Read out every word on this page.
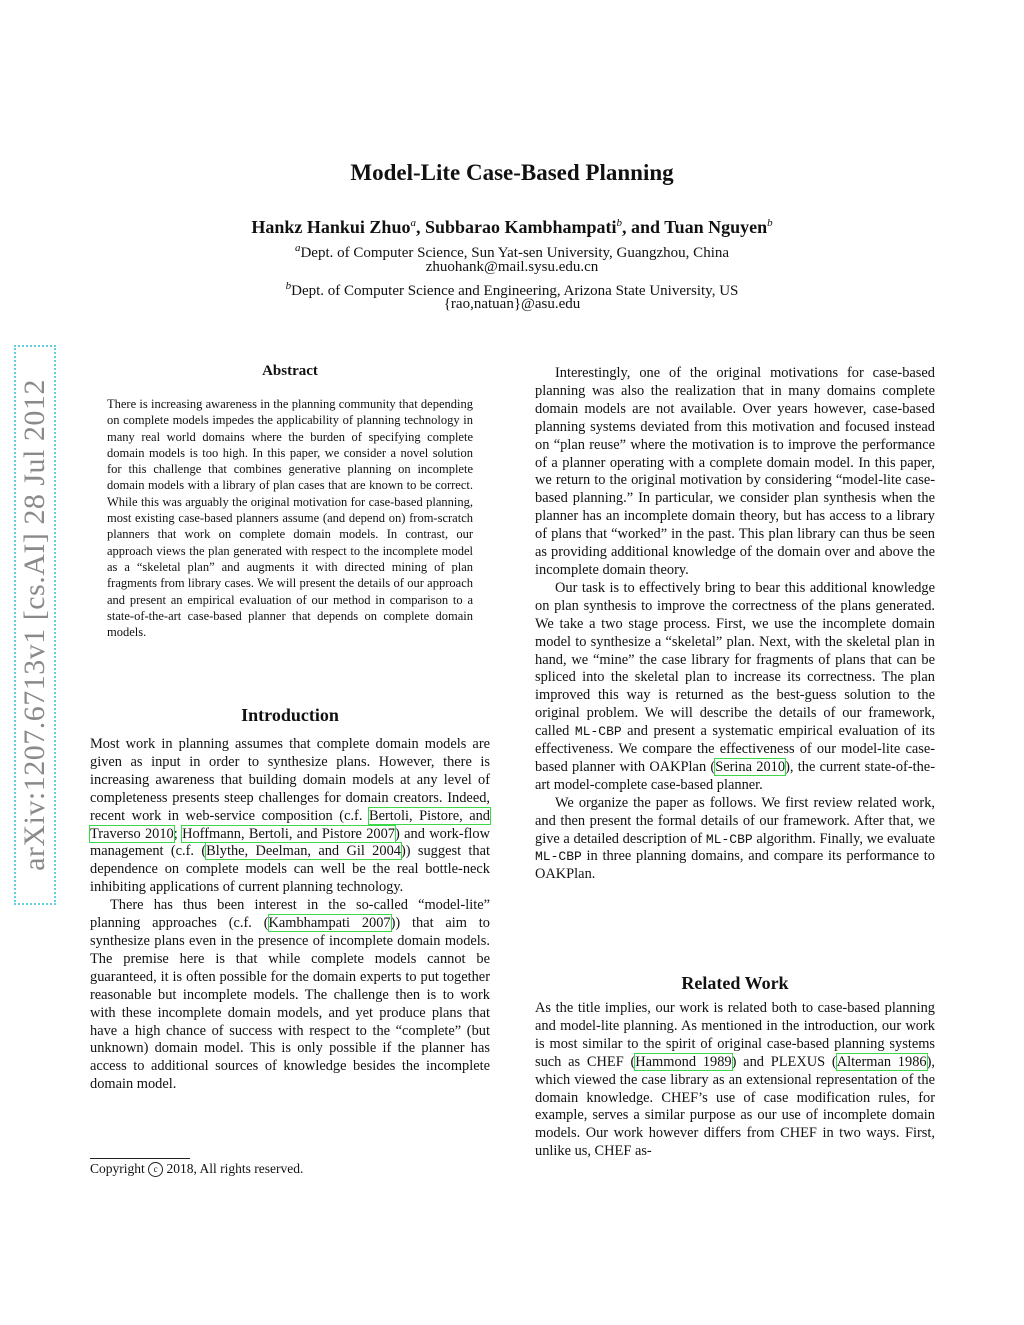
arXiv:1207.6713v1 [cs.AI] 28 Jul 2012
Model-Lite Case-Based Planning
Hankz Hankui Zhuo$^a$, Subbarao Kambhampati$^b$, and Tuan Nguyen$^b$
$^a$Dept. of Computer Science, Sun Yat-sen University, Guangzhou, China
zhuohank@mail.sysu.edu.cn
$^b$Dept. of Computer Science and Engineering, Arizona State University, US
{rao,natuan}@asu.edu
Abstract
There is increasing awareness in the planning community that depending on complete models impedes the applicability of planning technology in many real world domains where the burden of specifying complete domain models is too high. In this paper, we consider a novel solution for this challenge that combines generative planning on incomplete domain models with a library of plan cases that are known to be correct. While this was arguably the original motivation for case-based planning, most existing case-based planners assume (and depend on) from-scratch planners that work on complete domain models. In contrast, our approach views the plan generated with respect to the incomplete model as a “skeletal plan” and augments it with directed mining of plan fragments from library cases. We will present the details of our approach and present an empirical evaluation of our method in comparison to a state-of-the-art case-based planner that depends on complete domain models.
Introduction

Most work in planning assumes that complete domain models are given as input in order to synthesize plans. However, there is increasing awareness that building domain models at any level of completeness presents steep challenges for domain creators. Indeed, recent work in web-service composition (c.f. Bertoli, Pistore, and Traverso 2010; Hoffmann, Bertoli, and Pistore 2007) and work-flow management (c.f. (Blythe, Deelman, and Gil 2004)) suggest that dependence on complete models can well be the real bottle-neck inhibiting applications of current planning technology.

There has thus been interest in the so-called “model-lite” planning approaches (c.f. (Kambhampati 2007)) that aim to synthesize plans even in the presence of incomplete domain models. The premise here is that while complete models cannot be guaranteed, it is often possible for the domain experts to put together reasonable but incomplete models. The challenge then is to work with these incomplete domain models, and yet produce plans that have a high chance of success with respect to the “complete” (but unknown) domain model. This is only possible if the planner has access to additional sources of knowledge besides the incomplete domain model.

Copyright c 2018, All rights reserved.

Interestingly, one of the original motivations for case-based planning was also the realization that in many domains complete domain models are not available. Over years however, case-based planning systems deviated from this motivation and focused instead on “plan reuse” where the motivation is to improve the performance of a planner operating with a complete domain model. In this paper, we return to the original motivation by considering “model-lite case-based planning.” In particular, we consider plan synthesis when the planner has an incomplete domain theory, but has access to a library of plans that “worked” in the past. This plan library can thus be seen as providing additional knowledge of the domain over and above the incomplete domain theory.

Our task is to effectively bring to bear this additional knowledge on plan synthesis to improve the correctness of the plans generated. We take a two stage process. First, we use the incomplete domain model to synthesize a “skeletal” plan. Next, with the skeletal plan in hand, we “mine” the case library for fragments of plans that can be spliced into the skeletal plan to increase its correctness. The plan improved this way is returned as the best-guess solution to the original problem. We will describe the details of our framework, called ML-CBP and present a systematic empirical evaluation of its effectiveness. We compare the effectiveness of our model-lite case-based planner with OAKPlan (Serina 2010), the current state-of-the-art model-complete case-based planner.

We organize the paper as follows. We first review related work, and then present the formal details of our framework. After that, we give a detailed description of ML-CBP algorithm. Finally, we evaluate ML-CBP in three planning domains, and compare its performance to OAKPlan.

Related Work

As the title implies, our work is related both to case-based planning and model-lite planning. As mentioned in the introduction, our work is most similar to the spirit of original case-based planning systems such as CHEF (Hammond 1989) and PLEXUS (Alterman 1986), which viewed the case library as an extensional representation of the domain knowledge. CHEF’s use of case modification rules, for example, serves a similar purpose as our use of incomplete domain models. Our work however differs from CHEF in two ways. First, unlike us, CHEF as-
